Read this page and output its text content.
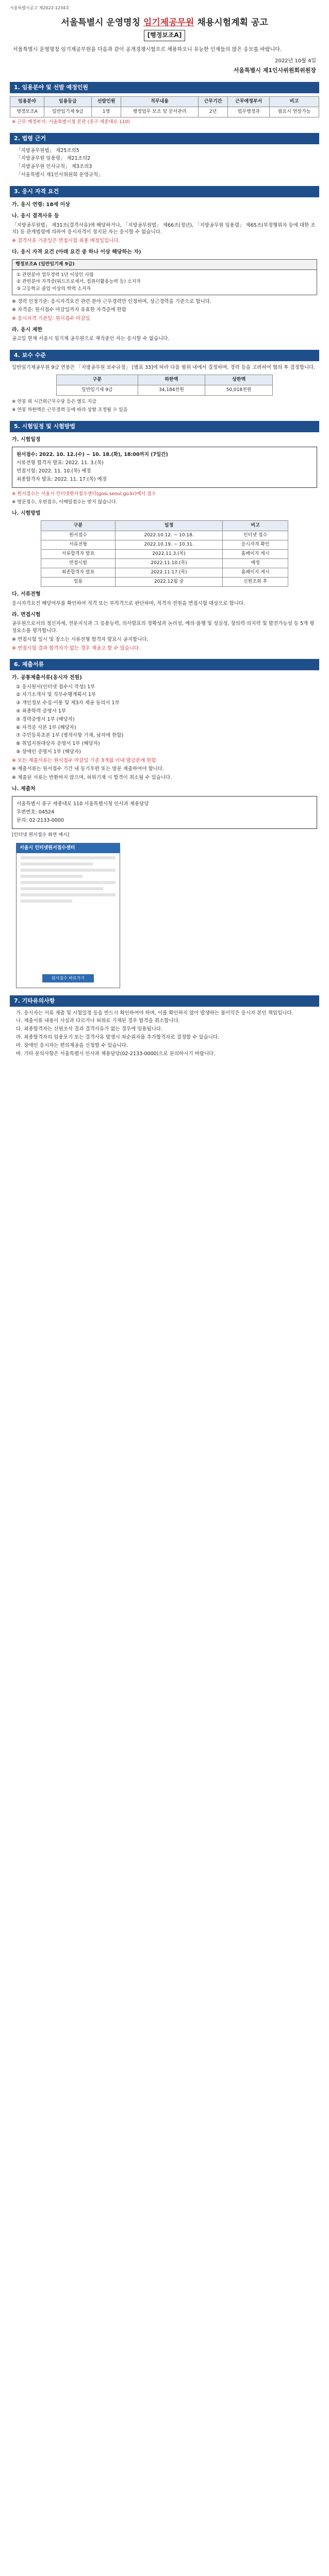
서울특별시공고 제2022-1234호
서울특별시 운영명칭 임기제공무원 채용시험계획 공고
[행정보조A]
서울특별시 운영명칭 임기제공무원을 다음과 같이 공개경쟁시험으로 채용하오니 유능한 인재들의 많은 응모를 바랍니다.
2022년 10월 4일
서울특별시 제1인사위원회위원장
1. 임용분야 및 선발 예정인원
임용분야	임용등급	선발인원	직무내용	근무기간	근무예정부서	비고
행정보조A	일반임기제 9급	1명	행정업무 보조 및 문서관리	2년	법무행정과	필요시 연장가능
※ 근무 예정부서: 서울특별시청 본관 (중구 세종대로 110)
2. 법령 근거
「지방공무원법」 제25조의5
「지방공무원 임용령」 제21조의2
「지방공무원 인사규칙」 제3조의3
「서울특별시 제1인사위원회 운영규칙」
3. 응시 자격 요건
가. 응시 연령: 18세 이상
나. 응시 결격사유 등
「지방공무원법」 제31조(결격사유)에 해당하거나, 「지방공무원법」 제66조(정년), 「지방공무원 임용령」 제65조(부정행위자 등에 대한 조치) 등 관계법령에 의하여 응시자격이 정지된 자는 응시할 수 없습니다.
※ 결격사유 기준일은 면접시험 최종 예정일입니다.
다. 응시 자격 요건 (아래 요건 중 하나 이상 해당하는 자)
행정보조A (일반임기제 9급)
① 관련분야 업무경력 1년 이상인 사람
② 관련분야 자격증(워드프로세서, 컴퓨터활용능력 등) 소지자
③ 고등학교 졸업 이상의 학력 소지자
※ 경력 인정기준: 응시자격요건 관련 분야 근무경력만 인정하며, 상근경력을 기준으로 합니다.
※ 자격증: 원서접수 마감일까지 유효한 자격증에 한함
※ 응시자격 기준일: 원서접수 마감일
라. 응시 제한
공고일 현재 서울시 임기제 공무원으로 재직중인 자는 응시할 수 없습니다.
4. 보수 수준
일반임기제공무원 9급 연봉은 「지방공무원 보수규정」 [별표 33]에 따라 다음 범위 내에서 결정하며, 경력 등을 고려하여 협의 후 결정합니다.
구분	하한액	상한액
일반임기제 9급	34,184천원	50,018천원
※ 연봉 외 시간외근무수당 등은 별도 지급
※ 연봉 하한액은 근무경력 등에 따라 상향 조정될 수 있음
5. 시험일정 및 시험방법
가. 시험일정
원서접수: 2022. 10. 12.(수) ~ 10. 18.(화), 18:00까지 (7일간)
서류전형 합격자 발표: 2022. 11. 3.(목)
면접시험: 2022. 11. 10.(목) 예정
최종합격자 발표: 2022. 11. 17.(목) 예정
※ 원서접수는 서울시 인터넷원서접수센터(gosi.seoul.go.kr)에서 접수
※ 방문접수, 우편접수, 이메일접수는 받지 않습니다.
나. 시험방법
구분	일정	비고
원서접수	2022.10.12. ~ 10.18.	인터넷 접수
서류전형	2022.10.19. ~ 10.31.	응시자격 확인
서류합격자 발표	2022.11.3.(목)	홈페이지 게시
면접시험	2022.11.10.(목)	예정
최종합격자 발표	2022.11.17.(목)	홈페이지 게시
임용	2022.12월 중	신원조회 후
다. 서류전형
응시자격요건 해당여부를 확인하여 적격 또는 부적격으로 판단하며, 적격자 전원을 면접시험 대상으로 합니다.
라. 면접시험
공무원으로서의 정신자세, 전문지식과 그 응용능력, 의사발표의 정확성과 논리성, 예의·품행 및 성실성, 창의력·의지력 및 발전가능성 등 5개 평정요소를 평가합니다.
※ 면접시험 일시 및 장소는 서류전형 합격자 발표시 공지합니다.
※ 면접시험 결과 합격자가 없는 경우 재공고 할 수 있습니다.
6. 제출서류
가. 공통제출서류(응시자 전원)
① 응시원서(인터넷 접수시 작성) 1부
② 자기소개서 및 직무수행계획서 1부
③ 개인정보 수집·이용 및 제3자 제공 동의서 1부
④ 최종학력 증명서 1부
⑤ 경력증명서 1부 (해당자)
⑥ 자격증 사본 1부 (해당자)
⑦ 주민등록초본 1부 (병적사항 기재, 남자에 한함)
⑧ 취업지원대상자 증명서 1부 (해당자)
⑨ 장애인 증명서 1부 (해당자)
※ 모든 제출서류는 원서접수 마감일 기준 3개월 이내 발급분에 한함
※ 제출서류는 원서접수 기간 내 등기우편 또는 방문 제출하여야 합니다.
※ 제출된 서류는 반환하지 않으며, 허위기재 시 합격이 취소될 수 있습니다.
나. 제출처
서울특별시 중구 세종대로 110 서울특별시청 인사과 채용담당
우편번호: 04524
문의: 02-2133-0000
[인터넷 원서접수 화면 예시]
서울시 인터넷원서접수센터
원서접수 바로가기
7. 기타유의사항
가. 응시자는 서류 제출 및 시험일정 등을 반드시 확인하여야 하며, 이를 확인하지 않아 발생하는 불이익은 응시자 본인 책임입니다.
나. 제출서류 내용이 사실과 다르거나 허위로 기재된 경우 합격을 취소합니다.
다. 최종합격자는 신원조사 결과 결격사유가 없는 경우에 임용됩니다.
라. 최종합격자의 임용포기 또는 결격사유 발생시 차순위자를 추가합격자로 결정할 수 있습니다.
마. 장애인 응시자는 편의제공을 신청할 수 있습니다.
바. 기타 문의사항은 서울특별시 인사과 채용담당(02-2133-0000)으로 문의하시기 바랍니다.
